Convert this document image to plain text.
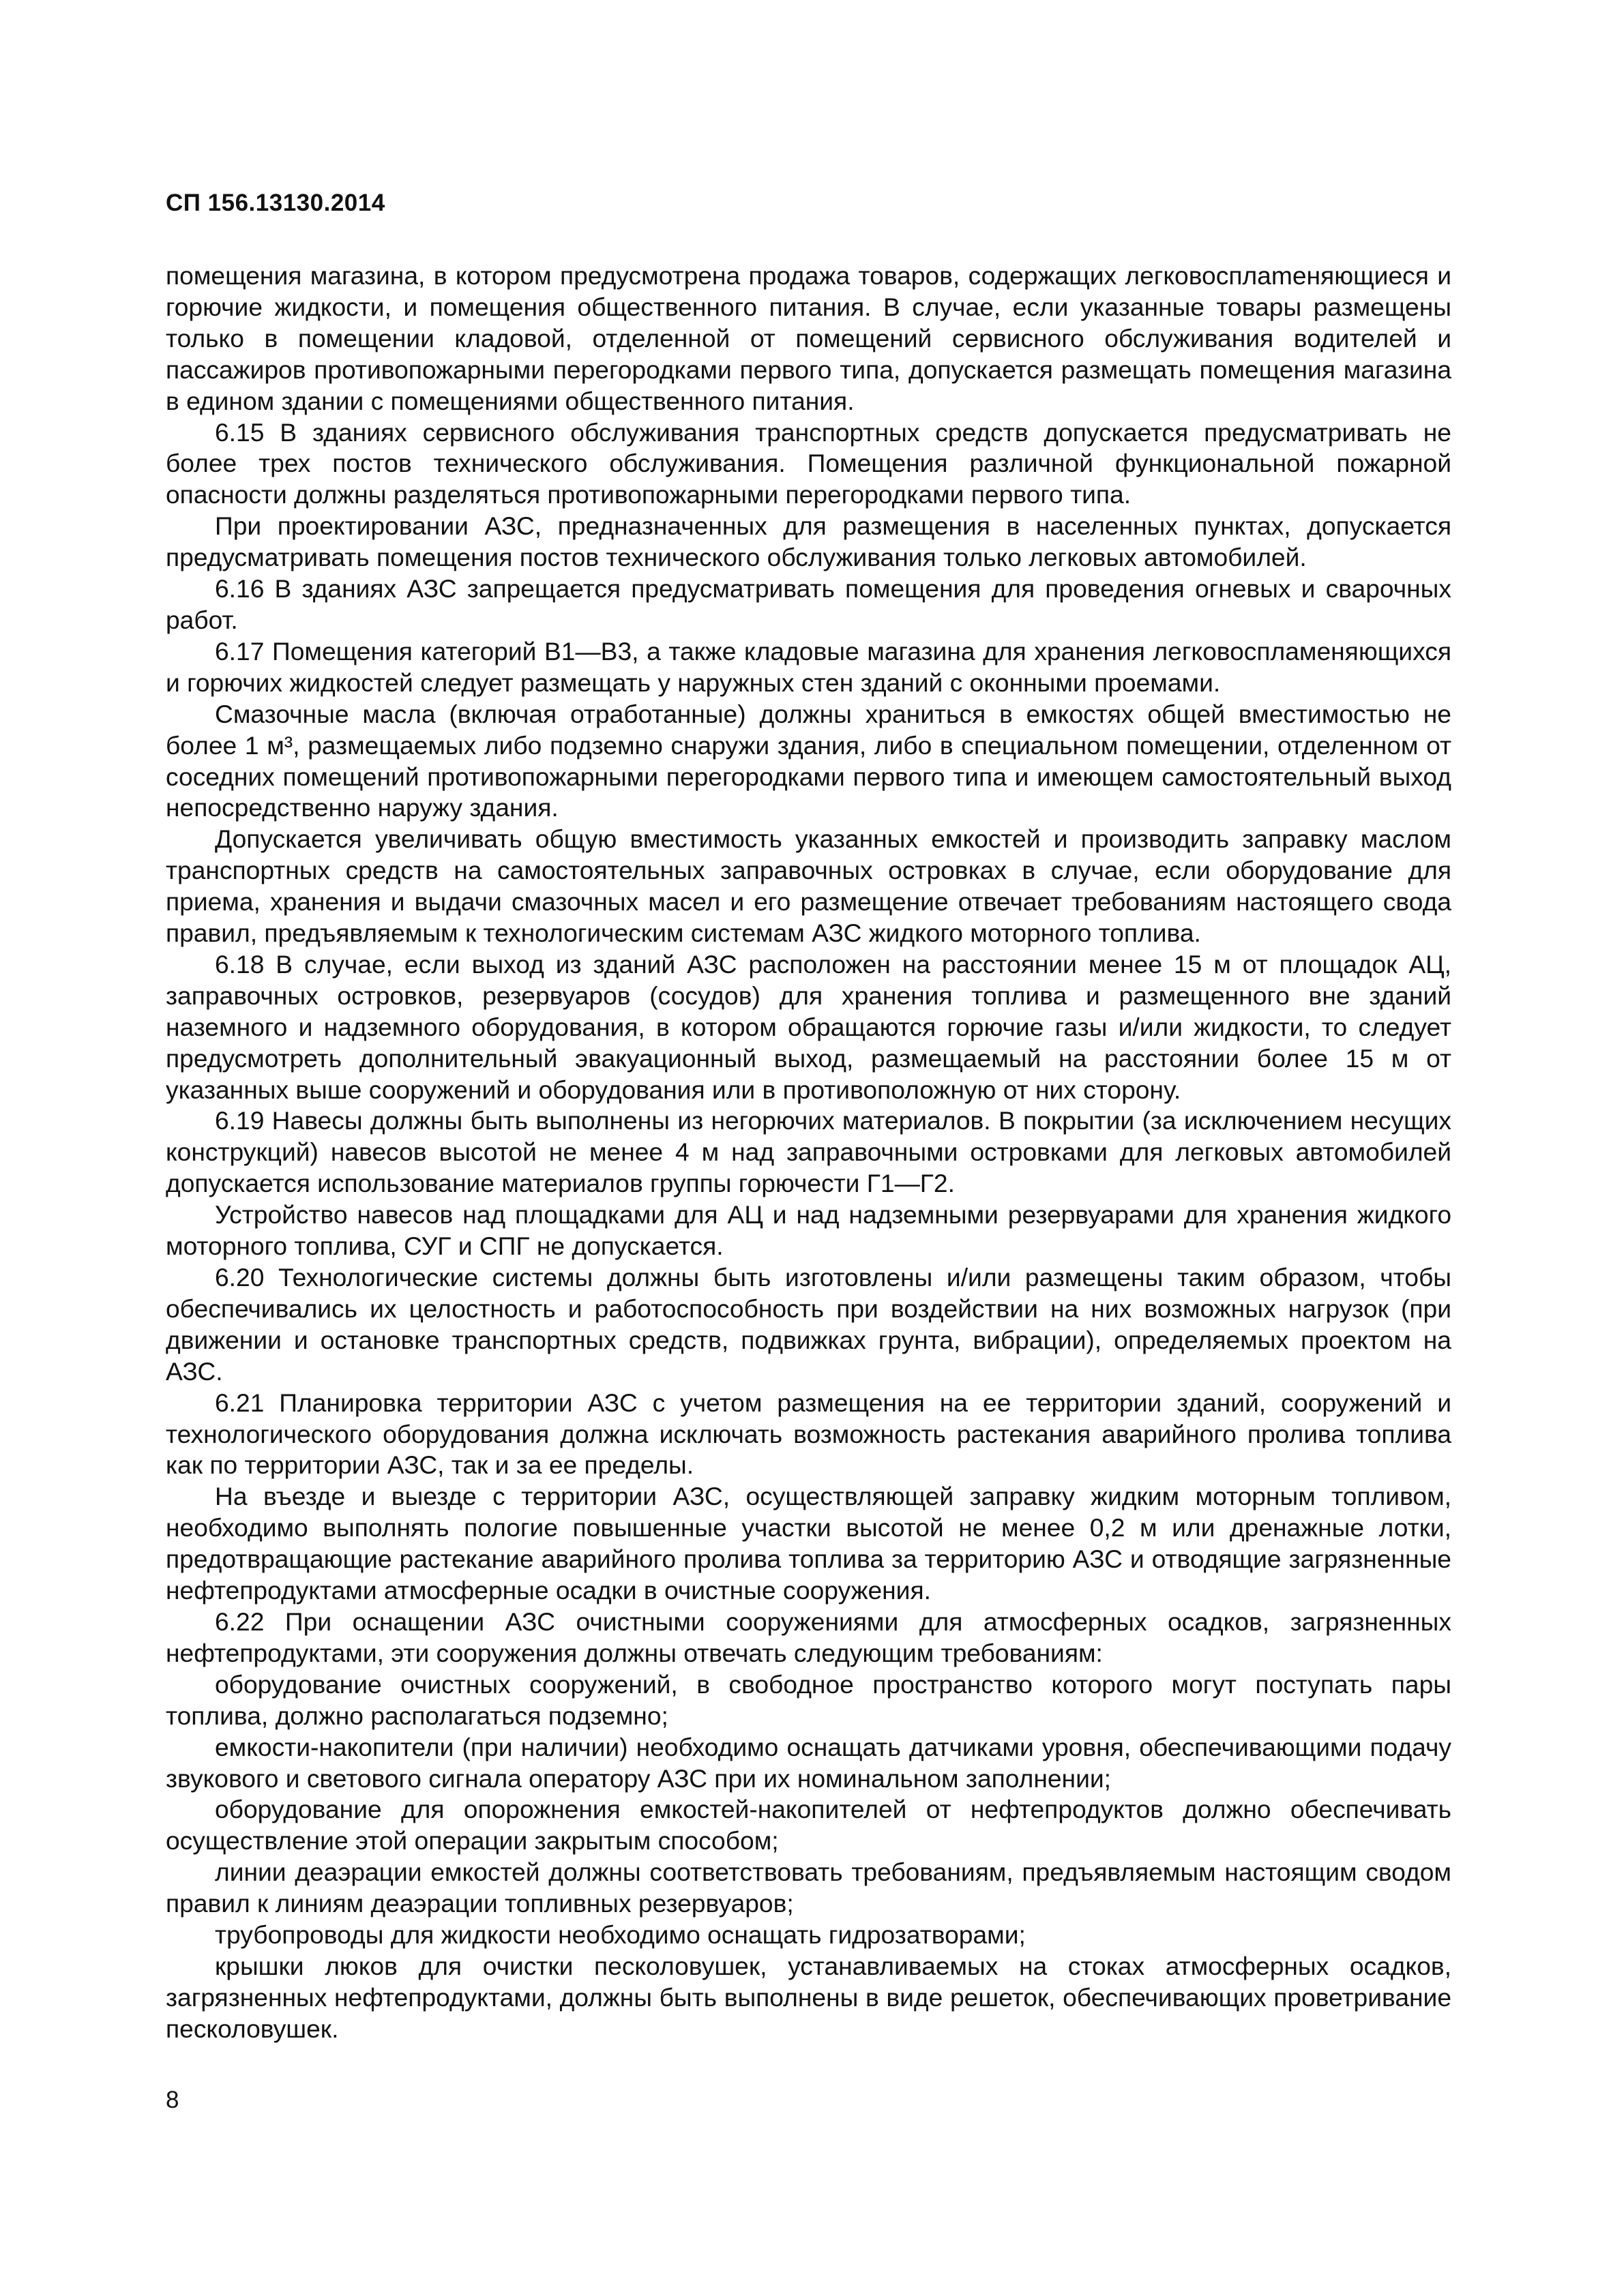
СП 156.13130.2014

помещения магазина, в котором предусмотрена продажа товаров, содержащих легковосплаmеняющиеся и горючие жидкости, и помещения общественного питания. В случае, если указанные товары размещены только в помещении кладовой, отделенной от помещений сервисного обслуживания водителей и пассажиров противопожарными перегородками первого типа, допускается размещать помещения магазина в едином здании с помещениями общественного питания.

6.15 В зданиях сервисного обслуживания транспортных средств допускается предусматривать не более трех постов технического обслуживания. Помещения различной функциональной пожарной опасности должны разделяться противопожарными перегородками первого типа.

При проектировании АЗС, предназначенных для размещения в населенных пунктах, допускается предусматривать помещения постов технического обслуживания только легковых автомобилей.

6.16 В зданиях АЗС запрещается предусматривать помещения для проведения огневых и сварочных работ.

6.17 Помещения категорий В1—В3, а также кладовые магазина для хранения легковоспламеняющихся и горючих жидкостей следует размещать у наружных стен зданий с оконными проемами.

Смазочные масла (включая отработанные) должны храниться в емкостях общей вместимостью не более 1 м³, размещаемых либо подземно снаружи здания, либо в специальном помещении, отделенном от соседних помещений противопожарными перегородками первого типа и имеющем самостоятельный выход непосредственно наружу здания.

Допускается увеличивать общую вместимость указанных емкостей и производить заправку маслом транспортных средств на самостоятельных заправочных островках в случае, если оборудование для приема, хранения и выдачи смазочных масел и его размещение отвечает требованиям настоящего свода правил, предъявляемым к технологическим системам АЗС жидкого моторного топлива.

6.18 В случае, если выход из зданий АЗС расположен на расстоянии менее 15 м от площадок АЦ, заправочных островков, резервуаров (сосудов) для хранения топлива и размещенного вне зданий наземного и надземного оборудования, в котором обращаются горючие газы и/или жидкости, то следует предусмотреть дополнительный эвакуационный выход, размещаемый на расстоянии более 15 м от указанных выше сооружений и оборудования или в противоположную от них сторону.

6.19 Навесы должны быть выполнены из негорючих материалов. В покрытии (за исключением несущих конструкций) навесов высотой не менее 4 м над заправочными островками для легковых автомобилей допускается использование материалов группы горючести Г1—Г2.

Устройство навесов над площадками для АЦ и над надземными резервуарами для хранения жидкого моторного топлива, СУГ и СПГ не допускается.

6.20 Технологические системы должны быть изготовлены и/или размещены таким образом, чтобы обеспечивались их целостность и работоспособность при воздействии на них возможных нагрузок (при движении и остановке транспортных средств, подвижках грунта, вибрации), определяемых проектом на АЗС.

6.21 Планировка территории АЗС с учетом размещения на ее территории зданий, сооружений и технологического оборудования должна исключать возможность растекания аварийного пролива топлива как по территории АЗС, так и за ее пределы.

На въезде и выезде с территории АЗС, осуществляющей заправку жидким моторным топливом, необходимо выполнять пологие повышенные участки высотой не менее 0,2 м или дренажные лотки, предотвращающие растекание аварийного пролива топлива за территорию АЗС и отводящие загрязненные нефтепродуктами атмосферные осадки в очистные сооружения.

6.22 При оснащении АЗС очистными сооружениями для атмосферных осадков, загрязненных нефтепродуктами, эти сооружения должны отвечать следующим требованиям:

оборудование очистных сооружений, в свободное пространство которого могут поступать пары топлива, должно располагаться подземно;

емкости-накопители (при наличии) необходимо оснащать датчиками уровня, обеспечивающими подачу звукового и светового сигнала оператору АЗС при их номинальном заполнении;

оборудование для опорожнения емкостей-накопителей от нефтепродуктов должно обеспечивать осуществление этой операции закрытым способом;

линии деаэрации емкостей должны соответствовать требованиям, предъявляемым настоящим сводом правил к линиям деаэрации топливных резервуаров;

трубопроводы для жидкости необходимо оснащать гидрозатворами;

крышки люков для очистки песколовушек, устанавливаемых на стоках атмосферных осадков, загрязненных нефтепродуктами, должны быть выполнены в виде решеток, обеспечивающих проветривание песколовушек.

8
